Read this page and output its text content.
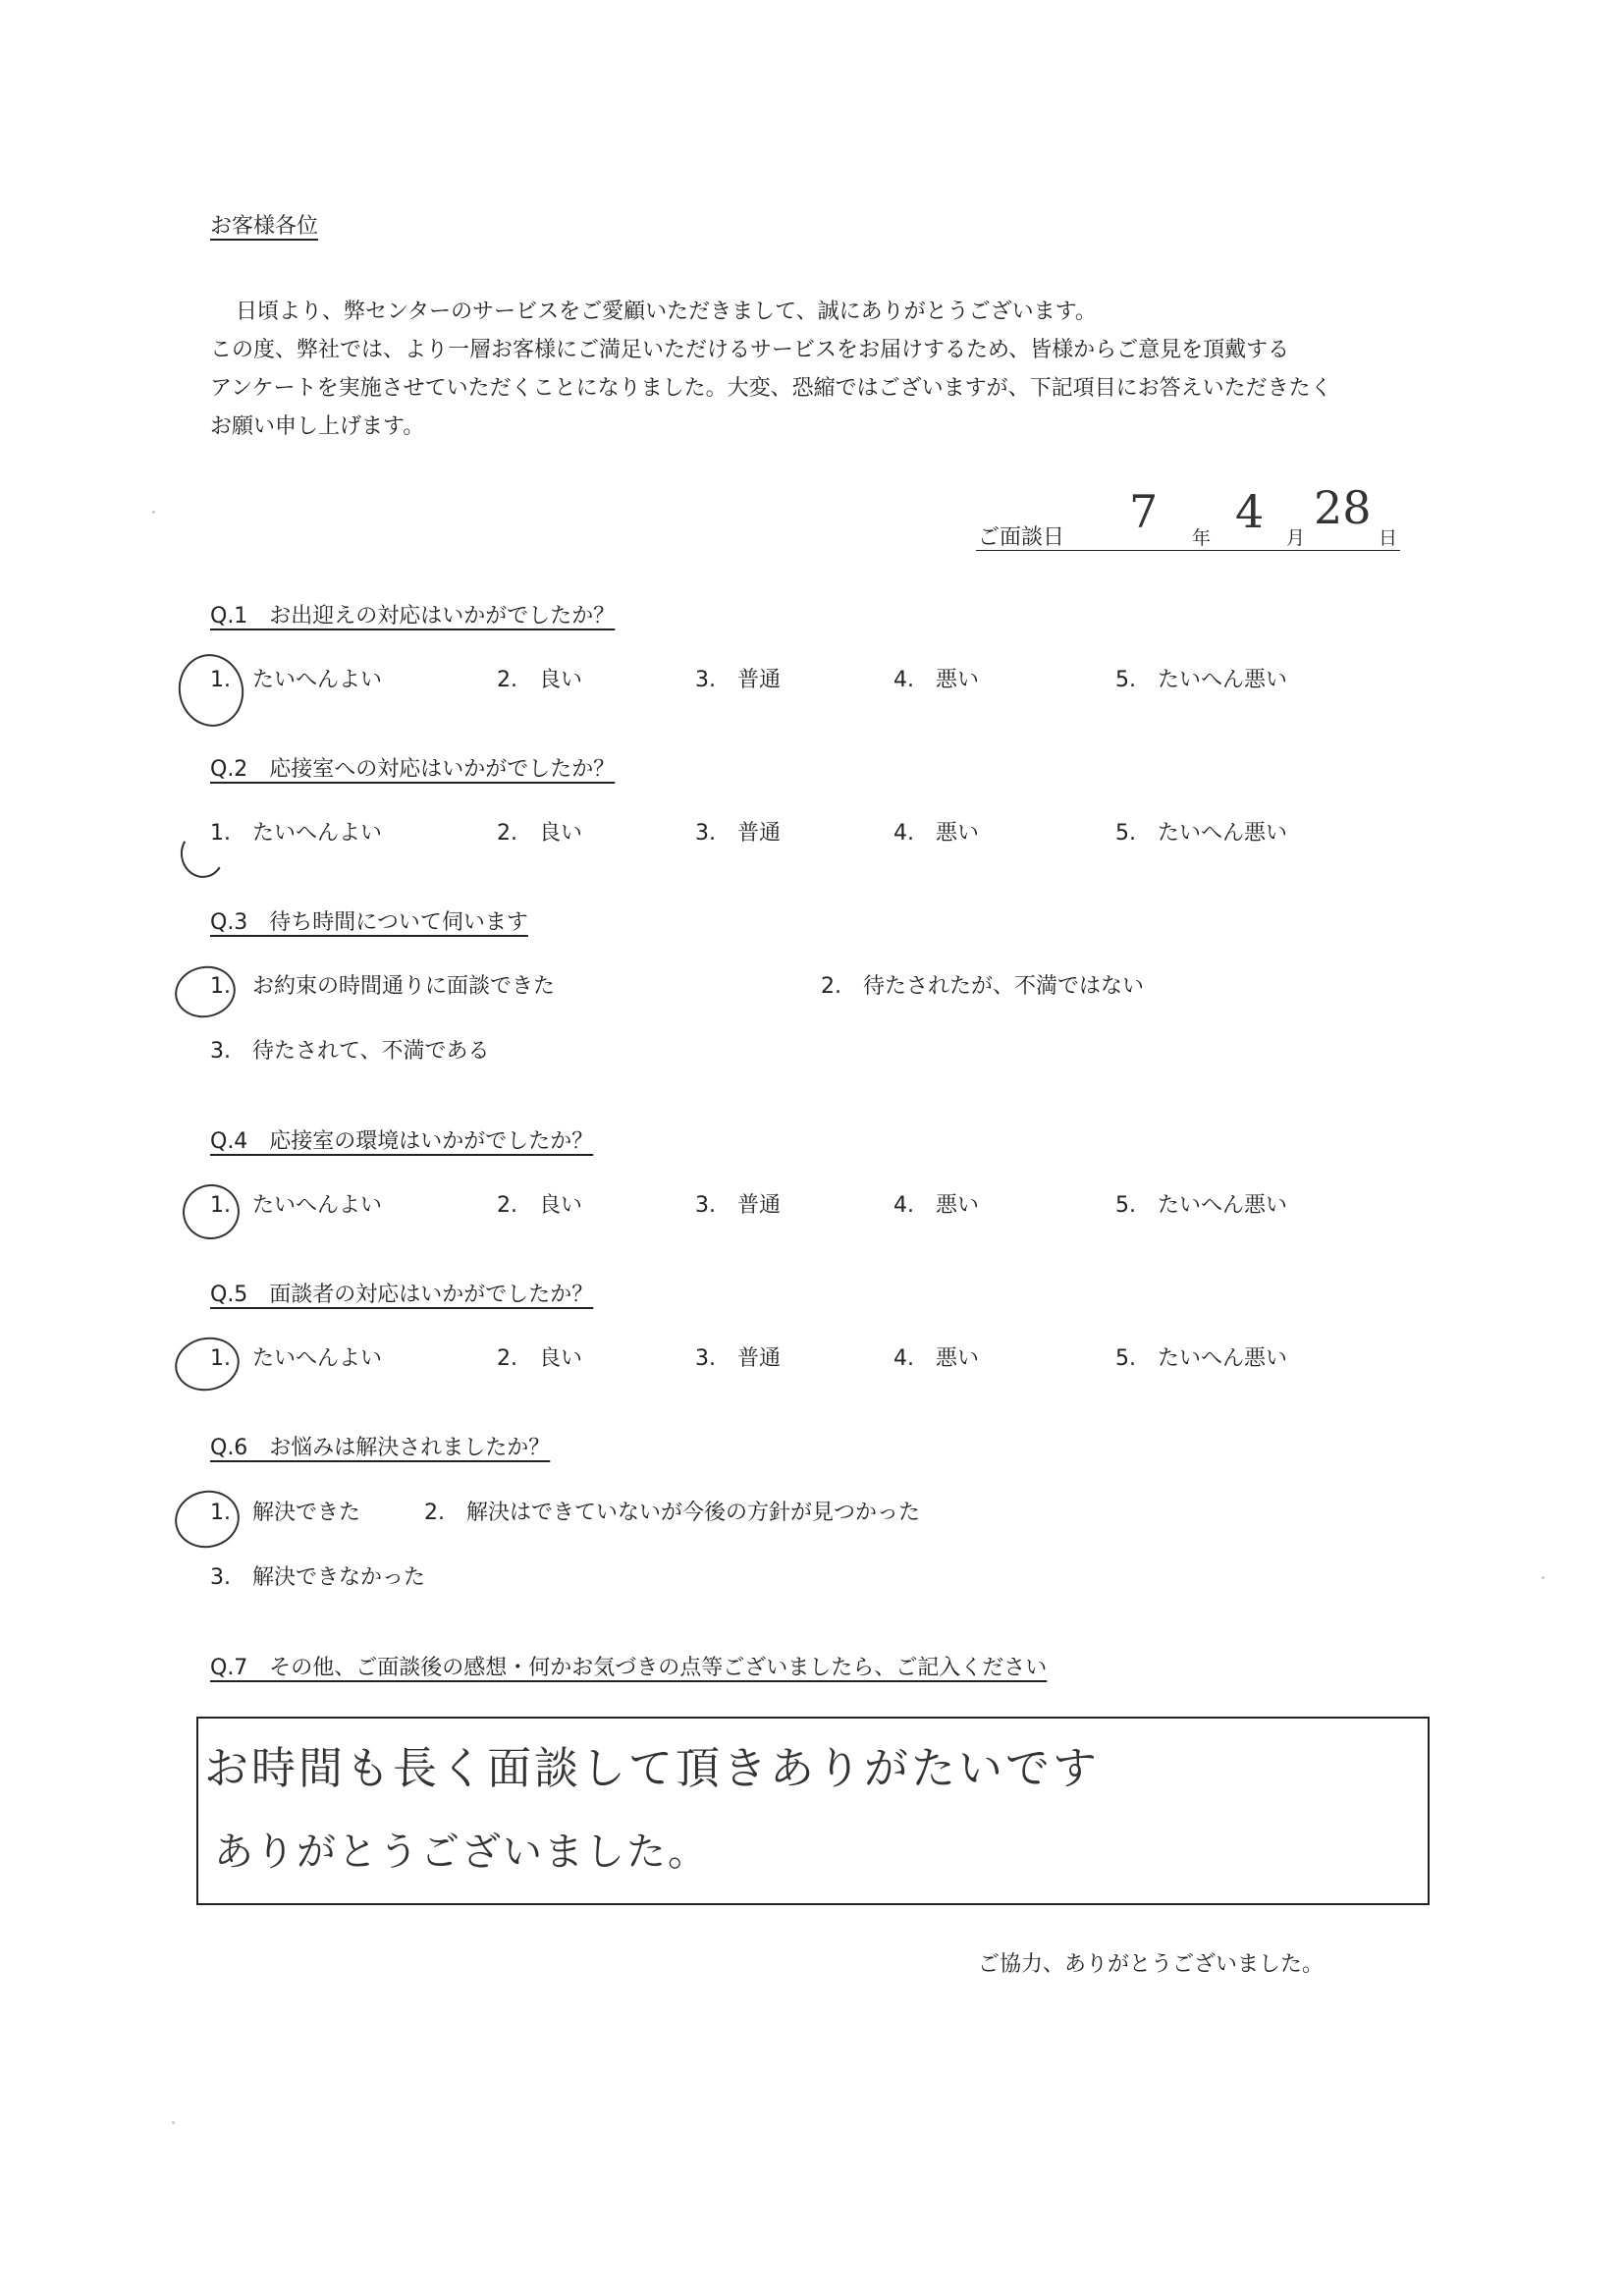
お客様各位
日頃より、弊センターのサービスをご愛顧いただきまして、誠にありがとうございます。
この度、弊社では、より一層お客様にご満足いただけるサービスをお届けするため、皆様からご意見を頂戴する
アンケートを実施させていただくことになりました。大変、恐縮ではございますが、下記項目にお答えいただきたく
お願い申し上げます。
ご面談日 7 年 4 月
28
日
Q.1　お出迎えの対応はいかがでしたか？
1.　たいへんよい	2.　良い	3.　普通	4.　悪い	5.　たいへん悪い
Q.2　応接室への対応はいかがでしたか？
1.　たいへんよい	2.　良い	3.　普通	4.　悪い	5.　たいへん悪い
Q.3　待ち時間について伺います
1.　お約束の時間通りに面談できた	2.　待たされたが、不満ではない
3.　待たされて、不満である
Q.4　応接室の環境はいかがでしたか？
1.　たいへんよい	2.　良い	3.　普通	4.　悪い	5.　たいへん悪い
Q.5　面談者の対応はいかがでしたか？
1.　たいへんよい	2.　良い	3.　普通	4.　悪い	5.　たいへん悪い
Q.6　お悩みは解決されましたか？
1.　解決できた	2.　解決はできていないが今後の方針が見つかった
3.　解決できなかった
Q.7　その他、ご面談後の感想・何かお気づきの点等ございましたら、ご記入ください
お時間も長く面談して頂きありがたいです
ありがとうございました。
ご協力、ありがとうございました。
